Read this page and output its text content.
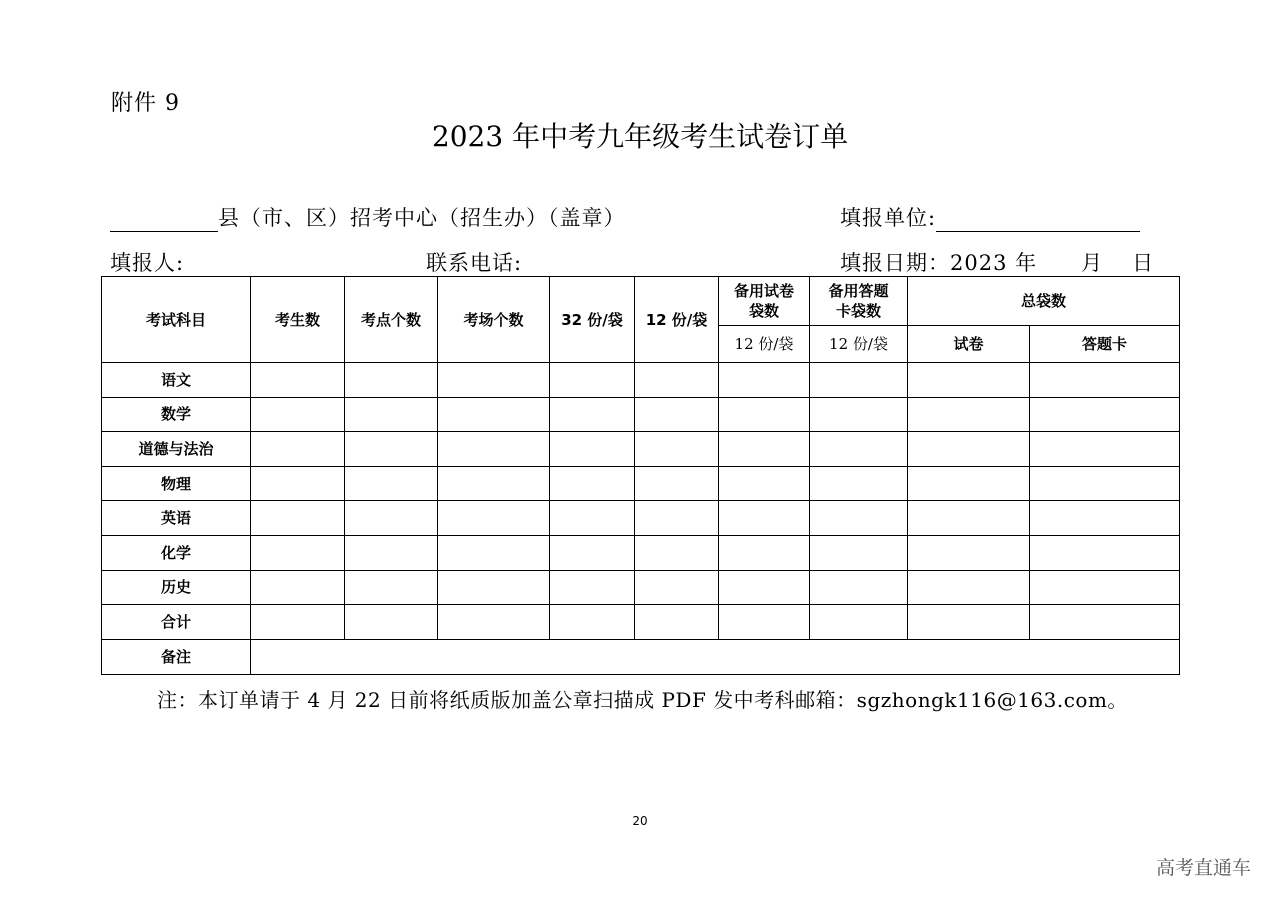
附件 9
2023 年中考九年级考生试卷订单
县（市、区）招考中心（招生办）（盖章）	填报单位:
填报人:	联系电话:	填报日期：2023 年 月 日
考试科目	考生数	考点个数	考场个数	32 份/袋	12 份/袋	备用试卷袋数	备用答题卡袋数	总袋数	
						12 份/袋	12 份/袋	试卷	答题卡
语文									
数学									
道德与法治									
物理									
英语									
化学									
历史									
合计									
备注									
注：本订单请于 4 月 22 日前将纸质版加盖公章扫描成 PDF 发中考科邮箱：sgzhongk116@163.com。
20
高考直通车
